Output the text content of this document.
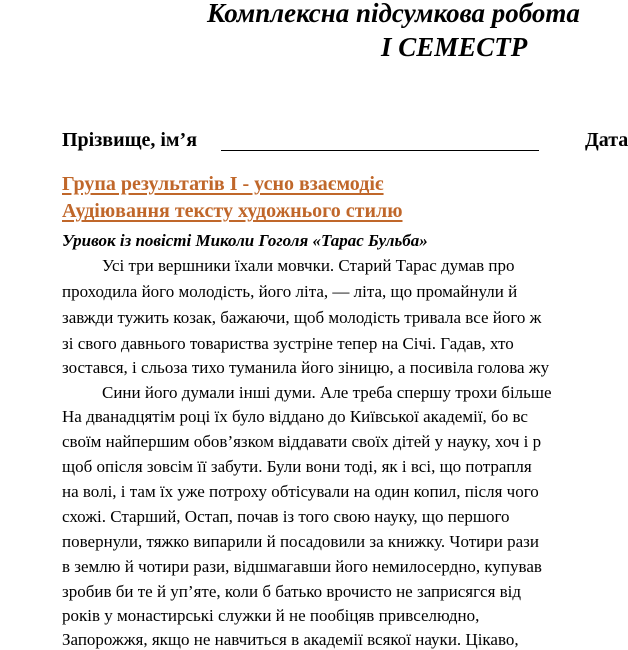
Комплексна підсумкова робота
І СЕМЕСТР
Прізвище, ім’я	Дата
Група результатів І - усно взаємодіє
Аудіювання тексту художнього стилю
Уривок із повісті Миколи Гоголя «Тарас Бульба»
Усі три вершники їхали мовчки. Старий Тарас думав про
проходила його молодість, його літа, — літа, що промайнули й
завжди тужить козак, бажаючи, щоб молодість тривала все його ж
зі свого давнього товариства зустріне тепер на Січі. Гадав, хто
зостався, і сльоза тихо туманила його зіницю, а посивіла голова жу
Сини його думали інші думи. Але треба спершу трохи більше
На дванадцятім році їх було віддано до Київської академії, бо вс
своїм найпершим обов’язком віддавати своїх дітей у науку, хоч і р
щоб опісля зовсім її забути. Були вони тоді, як і всі, що потрапля
на волі, і там їх уже потроху обтісували на один копил, після чого
схожі. Старший, Остап, почав із того свою науку, що першого
повернули, тяжко випарили й посадовили за книжку. Чотири рази
в землю й чотири рази, відшмагавши його немилосердно, купував
зробив би те й уп’яте, коли б батько врочисто не заприсягся від
років у монастирські служки й не пообіцяв привселюдно,
Запорожжя, якщо не навчиться в академії всякої науки. Цікаво,
